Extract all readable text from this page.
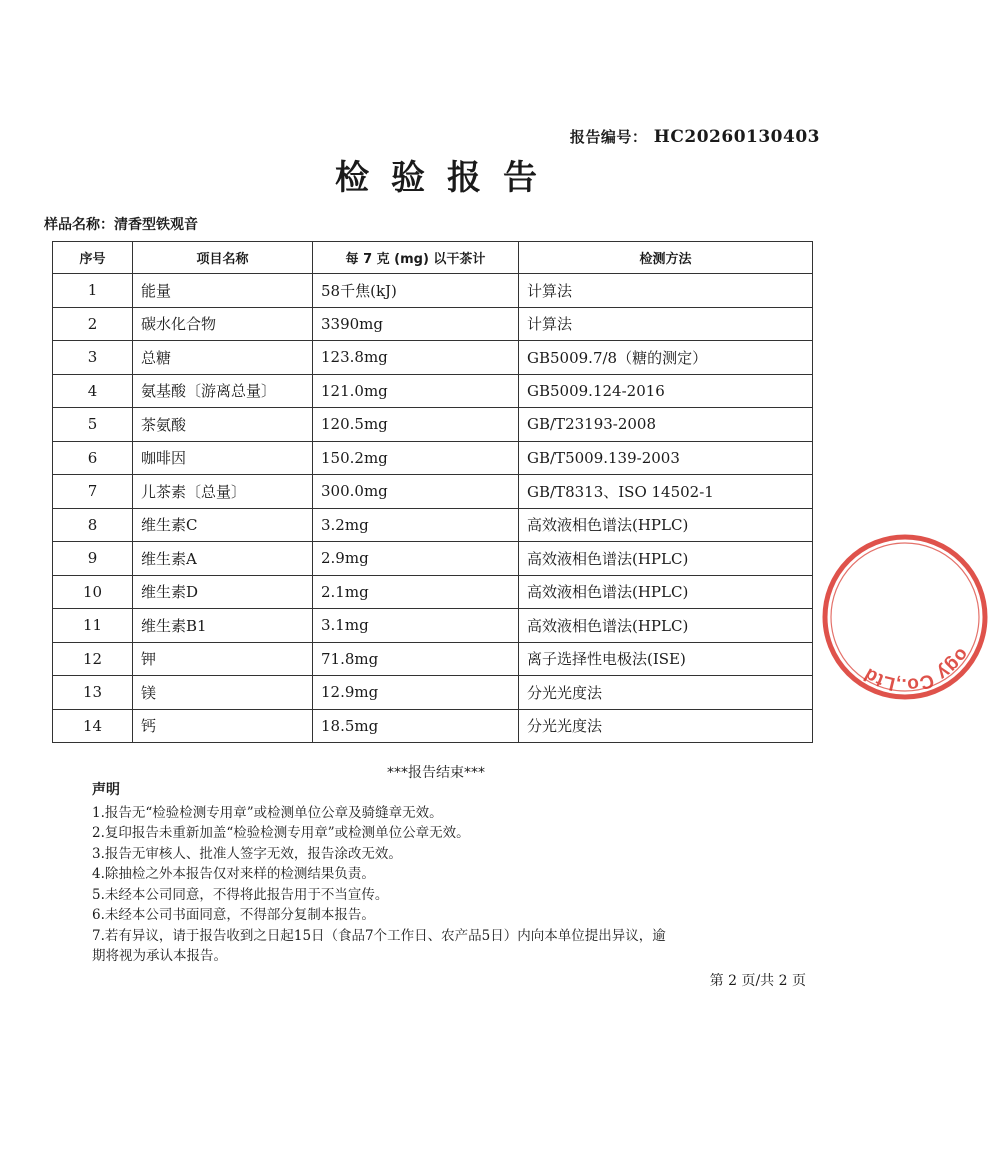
报告编号： HC20260130403
检验报告
样品名称：清香型铁观音
序号	项目名称	每 7 克 (mg) 以干茶计	检测方法
1	能量	58千焦(kJ)	计算法
2	碳水化合物	3390mg	计算法
3	总糖	123.8mg	GB5009.7/8（糖的测定）
4	氨基酸〔游离总量〕	121.0mg	GB5009.124-2016
5	茶氨酸	120.5mg	GB/T23193-2008
6	咖啡因	150.2mg	GB/T5009.139-2003
7	儿茶素〔总量〕	300.0mg	GB/T8313、ISO 14502-1
8	维生素C	3.2mg	高效液相色谱法(HPLC)
9	维生素A	2.9mg	高效液相色谱法(HPLC)
10	维生素D	2.1mg	高效液相色谱法(HPLC)
11	维生素B1	3.1mg	高效液相色谱法(HPLC)
12	钾	71.8mg	离子选择性电极法(ISE)
13	镁	12.9mg	分光光度法
14	钙	18.5mg	分光光度法
***报告结束***
声明
1.报告无“检验检测专用章”或检测单位公章及骑缝章无效。
2.复印报告未重新加盖“检验检测专用章”或检测单位公章无效。
3.报告无审核人、批准人签字无效，报告涂改无效。
4.除抽检之外本报告仅对来样的检测结果负责。
5.未经本公司同意，不得将此报告用于不当宣传。
6.未经本公司书面同意，不得部分复制本报告。
7.若有异议，请于报告收到之日起15日（食品7个工作日、农产品5日）内向本单位提出异议，逾
期将视为承认本报告。
第 2 页/共 2 页
ogy Co.,Ltd
